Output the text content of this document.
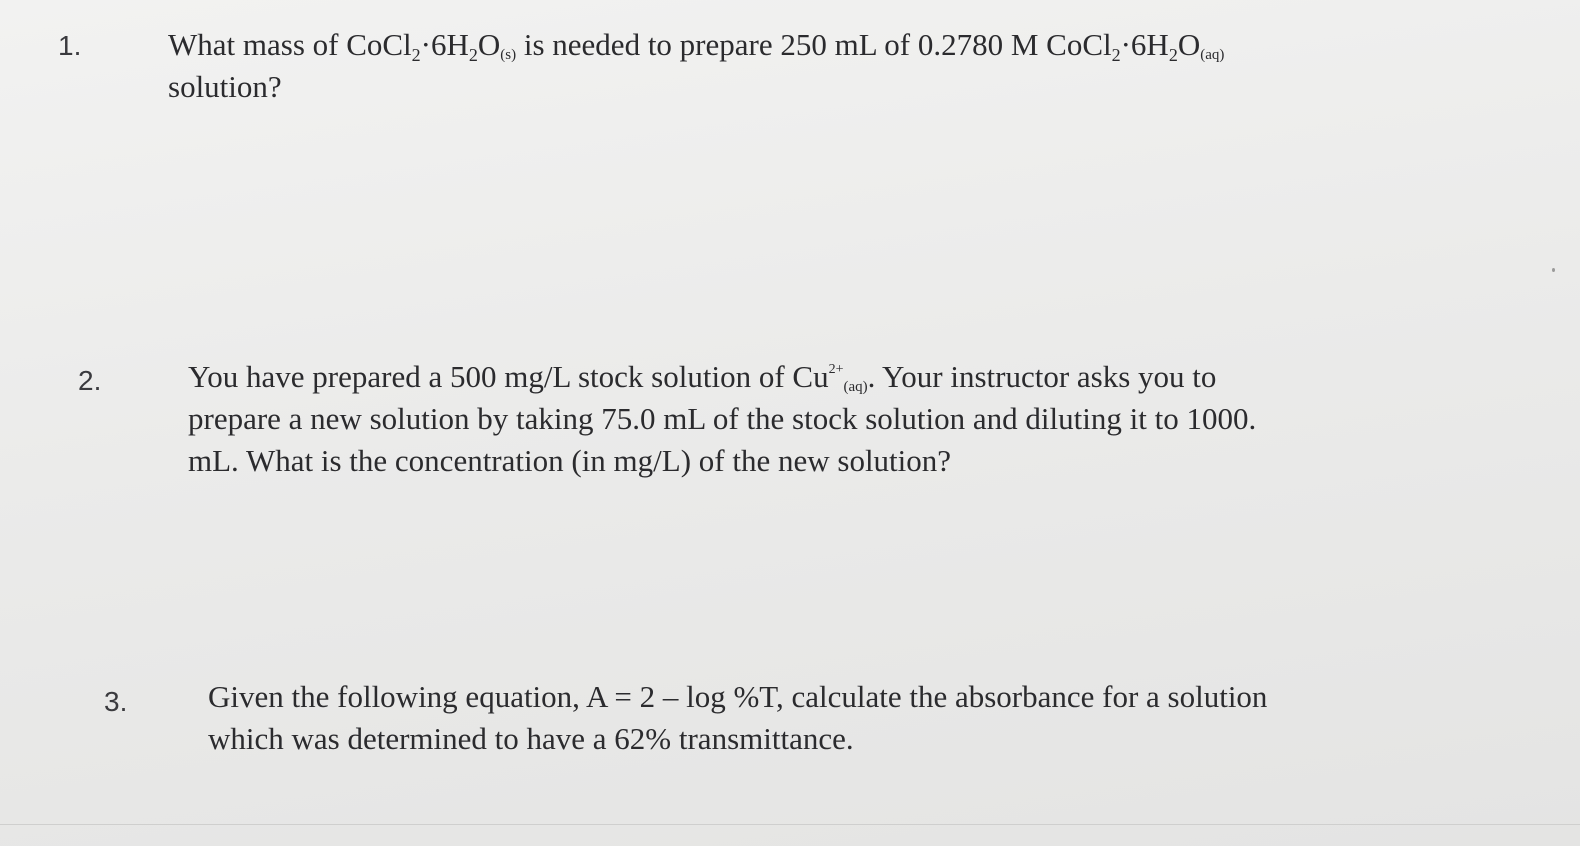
1.	What mass of $CoCl_2\cdot 6H_2O(s)$ is needed to prepare 250 mL of 0.2780 M $CoCl_2\cdot 6H_2O(aq)$
solution?
2.	You have prepared a 500 mg/L stock solution of $Cu^{2+}(aq)$. Your instructor asks you to
prepare a new solution by taking 75.0 mL of the stock solution and diluting it to 1000.
mL. What is the concentration (in mg/L) of the new solution?
3.	Given the following equation, A = 2 – log %T, calculate the absorbance for a solution
which was determined to have a 62% transmittance.
